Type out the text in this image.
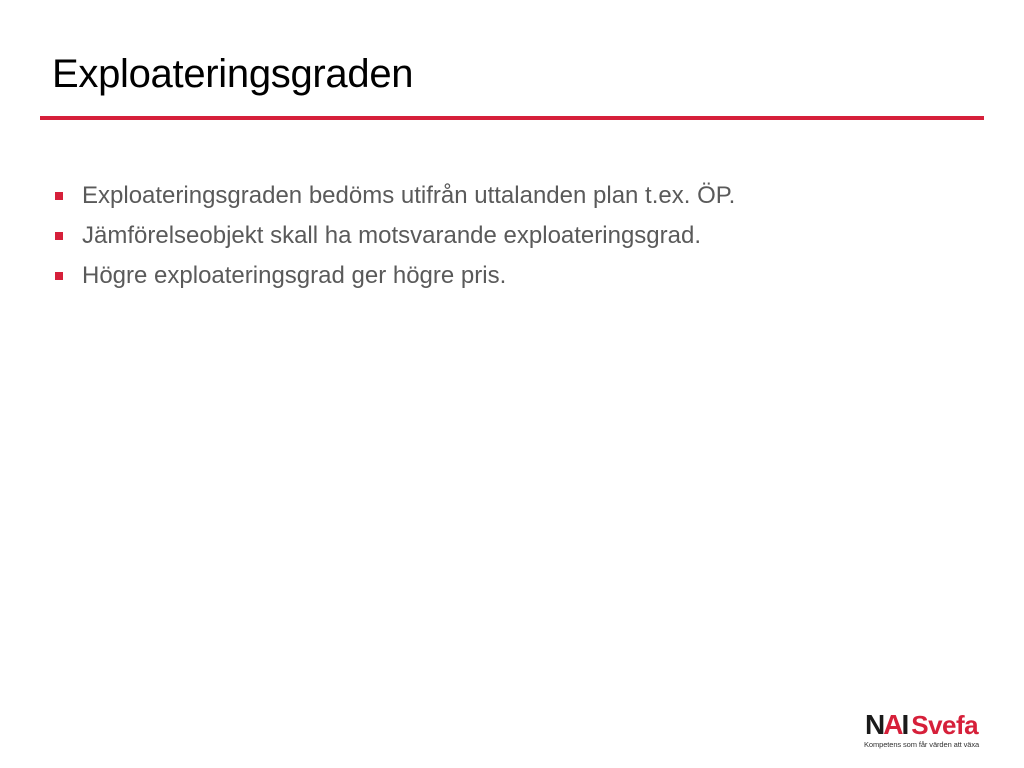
Exploateringsgraden
Exploateringsgraden bedöms utifrån uttalanden plan t.ex. ÖP.
Jämförelseobjekt skall ha motsvarande exploateringsgrad.
Högre exploateringsgrad ger högre pris.
NAI Svefa
Kompetens som får värden att växa
